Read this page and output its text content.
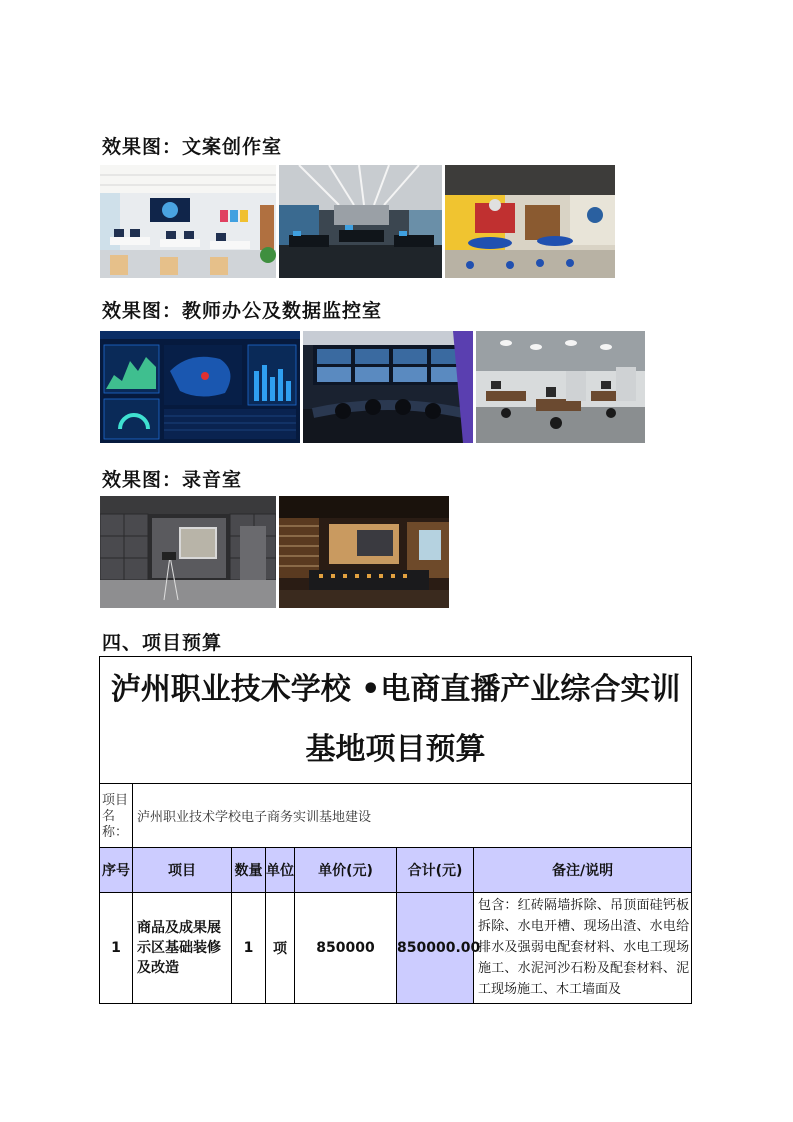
效果图：文案创作室
效果图：教师办公及数据监控室
效果图：录音室
四、项目预算
泸州职业技术学校 •电商直播产业综合实训基地项目预算						
项目名称：	泸州职业技术学校电子商务实训基地建设					
序号	项目	数量	单位	单价(元)	合计(元)	备注/说明
1	商品及成果展示区基础装修及改造	1	项	850000	850000.00	包含：红砖隔墙拆除、吊顶面硅钙板拆除、水电开槽、现场出渣、水电给排水及强弱电配套材料、水电工现场施工、水泥河沙石粉及配套材料、泥工现场施工、木工墙面及
